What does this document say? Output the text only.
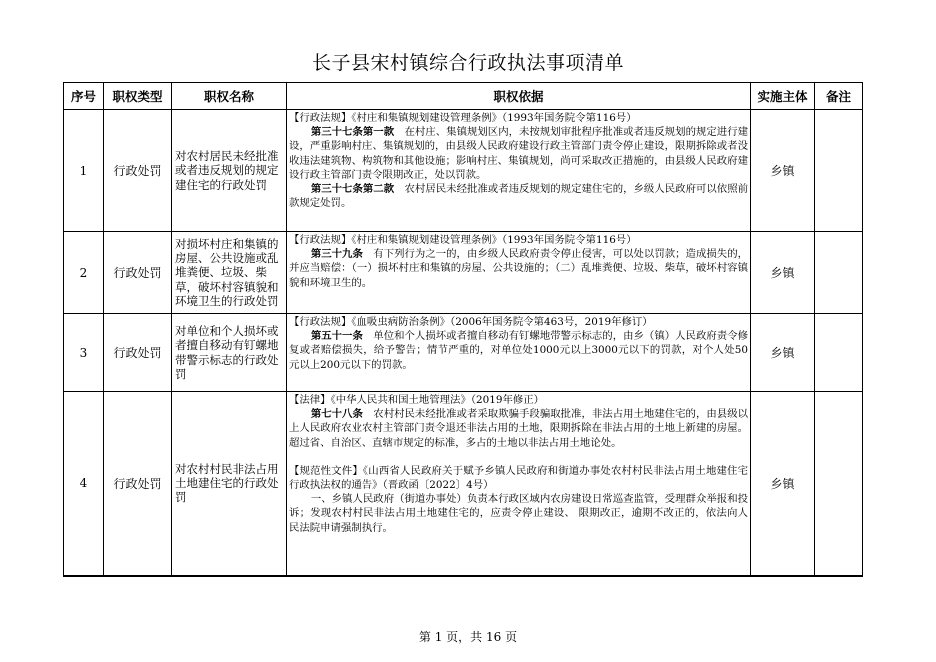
长子县宋村镇综合行政执法事项清单
序号	职权类型	职权名称	职权依据	实施主体	备注
1	行政处罚	对农村居民未经批准或者违反规划的规定建住宅的行政处罚	【行政法规】《村庄和集镇规划建设管理条例》（1993年国务院令第116号）

第三十七条第一款　在村庄、集镇规划区内，未按规划审批程序批准或者违反规划的规定进行建设，严重影响村庄、集镇规划的，由县级人民政府建设行政主管部门责令停止建设，限期拆除或者没收违法建筑物、构筑物和其他设施；影响村庄、集镇规划，尚可采取改正措施的，由县级人民政府建设行政主管部门责令限期改正，处以罚款。

第三十七条第二款　农村居民未经批准或者违反规划的规定建住宅的，乡级人民政府可以依照前款规定处罚。	乡镇	
2	行政处罚	对损坏村庄和集镇的房屋、公共设施或乱堆粪便、垃圾、柴草，破坏村容镇貌和环境卫生的行政处罚	【行政法规】《村庄和集镇规划建设管理条例》（1993年国务院令第116号）

第三十九条　有下列行为之一的，由乡级人民政府责令停止侵害，可以处以罚款；造成损失的，并应当赔偿：（一）损坏村庄和集镇的房屋、公共设施的；（二）乱堆粪便、垃圾、柴草，破坏村容镇貌和环境卫生的。	乡镇	
3	行政处罚	对单位和个人损坏或者擅自移动有钉螺地带警示标志的行政处罚	【行政法规】《血吸虫病防治条例》（2006年国务院令第463号，2019年修订）

第五十一条　单位和个人损坏或者擅自移动有钉螺地带警示标志的，由乡（镇）人民政府责令修复或者赔偿损失，给予警告；情节严重的，对单位处1000元以上3000元以下的罚款，对个人处50元以上200元以下的罚款。	乡镇	
4	行政处罚	对农村村民非法占用土地建住宅的行政处罚	【法律】《中华人民共和国土地管理法》（2019年修正）

第七十八条　农村村民未经批准或者采取欺骗手段骗取批准，非法占用土地建住宅的，由县级以上人民政府农业农村主管部门责令退还非法占用的土地，限期拆除在非法占用的土地上新建的房屋。超过省、自治区、直辖市规定的标准，多占的土地以非法占用土地论处。

【规范性文件】《山西省人民政府关于赋予乡镇人民政府和街道办事处农村村民非法占用土地建住宅行政执法权的通告》（晋政函〔2022〕4号）

一、乡镇人民政府（街道办事处）负责本行政区域内农房建设日常巡查监管，受理群众举报和投诉；发现农村村民非法占用土地建住宅的，应责令停止建设、 限期改正，逾期不改正的，依法向人民法院申请强制执行。	乡镇	
第 1 页，共 16 页
